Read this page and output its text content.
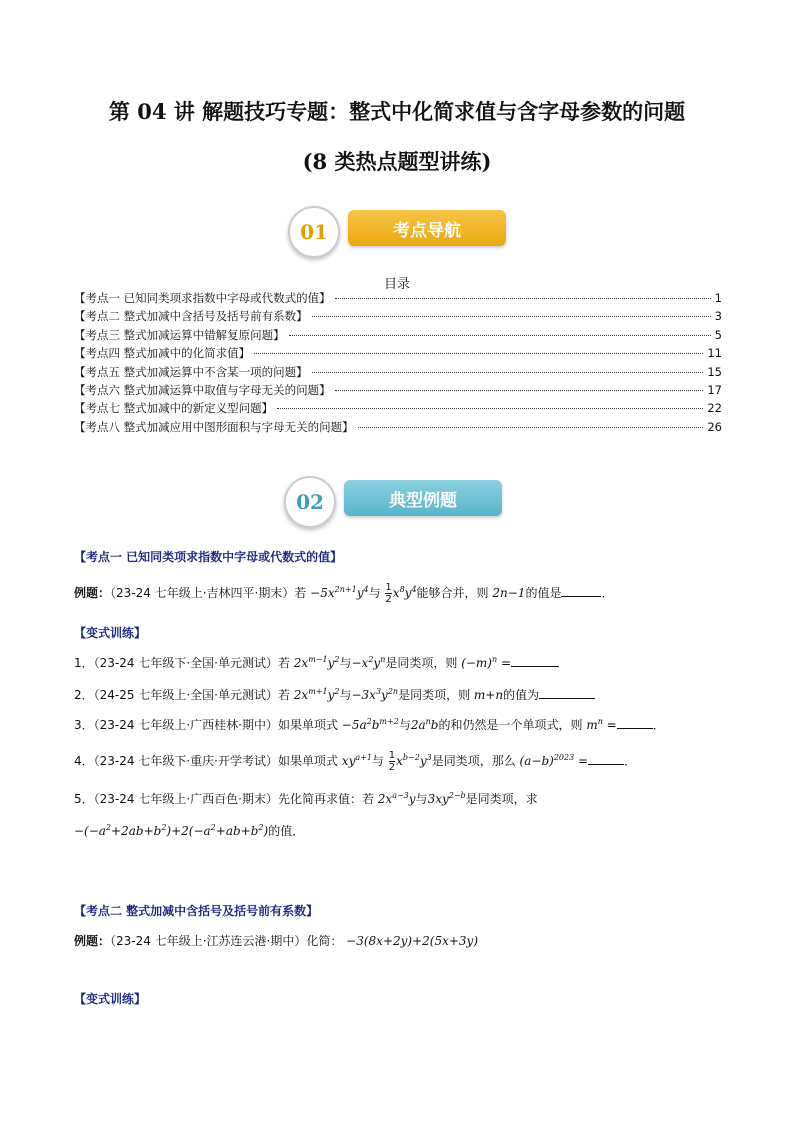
第 04 讲 解题技巧专题：整式中化简求值与含字母参数的问题
(8 类热点题型讲练)
01	考点导航
目录
【考点一 已知同类项求指数中字母或代数式的值】	1
【考点二 整式加减中含括号及括号前有系数】	3
【考点三 整式加减运算中错解复原问题】	5
【考点四 整式加减中的化简求值】	11
【考点五 整式加减运算中不含某一项的问题】	15
【考点六 整式加减运算中取值与字母无关的问题】	17
【考点七 整式加减中的新定义型问题】	22
【考点八 整式加减应用中图形面积与字母无关的问题】	26
02	典型例题
【考点一 已知同类项求指数中字母或代数式的值】
例题：（23-24 七年级上·吉林四平·期末）若 $-5x^{2n+1}y^4$与 $\frac{1}{2} x^8y^4$能够合并，则 2n−1的值是	．
【变式训练】
1．（23-24 七年级下·全国·单元测试）若 $2x^{m-1}y^2$与$-x^2y^n$是同类项，则 $(-m)^n$ =
2．（24-25 七年级上·全国·单元测试）若 $2x^{m+1}y^2$与$-3x^3y^{2n}$是同类项，则 m+n的值为
3．（23-24 七年级上·广西桂林·期中）如果单项式 $-5a^2b^{m+2}$与$2a^nb$的和仍然是一个单项式，则 $m^n$ =	．
4．（23-24 七年级下·重庆·开学考试）如果单项式 $xy^{a+1}$与 $\frac{1}{2} x^{b-2}y^3$是同类项，那么 $(a-b)^{2023}$ =	．
5．（23-24 七年级上·广西百色·期末）先化简再求值：若 $2x^{a-3}y$与$3xy^{2-b}$是同类项，求
$-(-a^2+2ab+b^2)+2(-a^2+ab+b^2)$的值．
【考点二 整式加减中含括号及括号前有系数】
例题：（23-24 七年级上·江苏连云港·期中）化简： −3(8x+2y)+2(5x+3y)
【变式训练】
